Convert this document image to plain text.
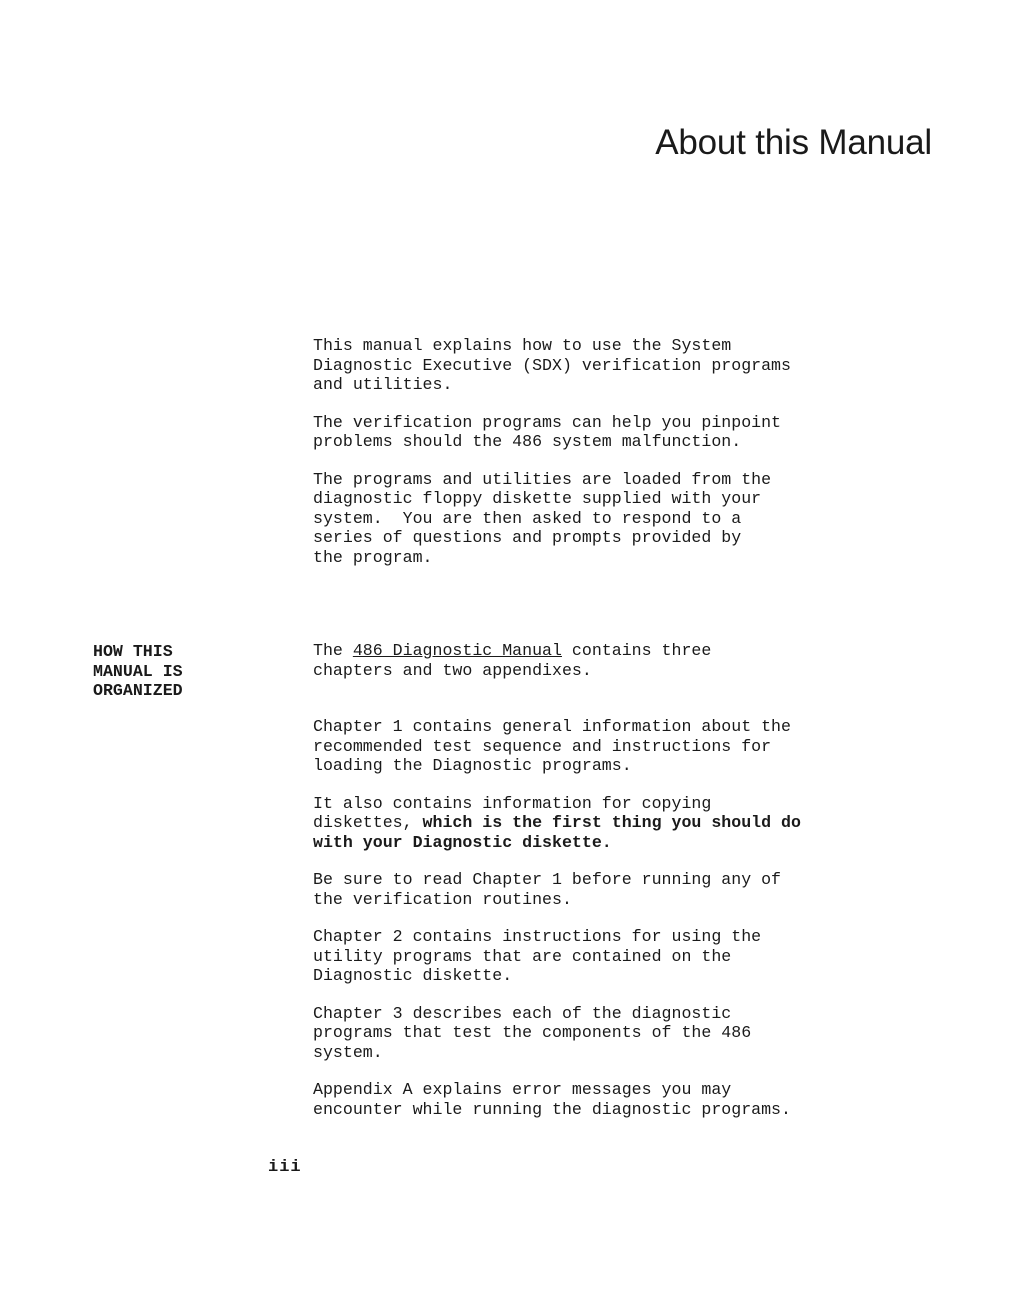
About this Manual

This manual explains how to use the System
Diagnostic Executive (SDX) verification programs
and utilities.

The verification programs can help you pinpoint
problems should the 486 system malfunction.

The programs and utilities are loaded from the
diagnostic floppy diskette supplied with your
system.  You are then asked to respond to a
series of questions and prompts provided by
the program.

HOW THIS
MANUAL IS
ORGANIZED

The 486 Diagnostic Manual contains three
chapters and two appendixes.

Chapter 1 contains general information about the
recommended test sequence and instructions for
loading the Diagnostic programs.

It also contains information for copying
diskettes, which is the first thing you should do
with your Diagnostic diskette.

Be sure to read Chapter 1 before running any of
the verification routines.

Chapter 2 contains instructions for using the
utility programs that are contained on the
Diagnostic diskette.

Chapter 3 describes each of the diagnostic
programs that test the components of the 486
system.

Appendix A explains error messages you may
encounter while running the diagnostic programs.

iii
